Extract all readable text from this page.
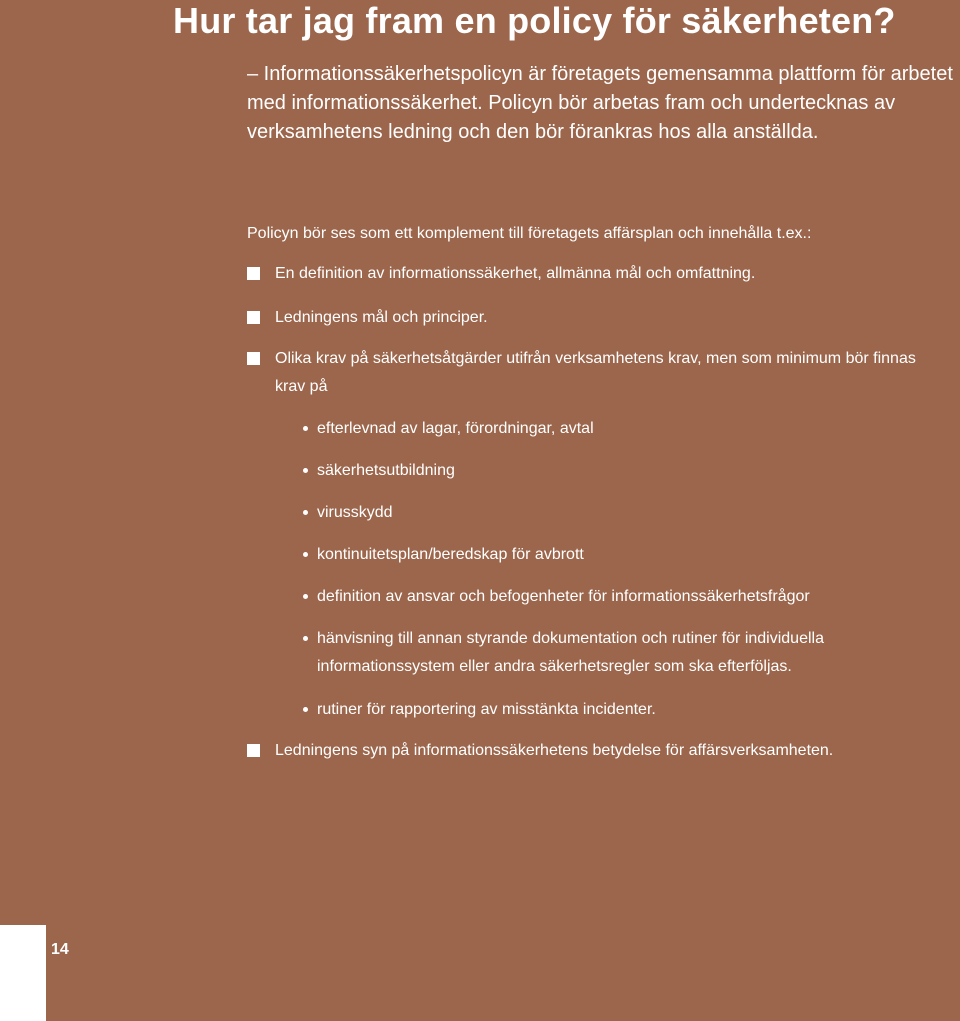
Hur tar jag fram en policy för säkerheten?
– Informationssäkerhetspolicyn är företagets gemensamma plattform för arbetet med informationssäkerhet. Policyn bör arbetas fram och undertecknas av verksamhetens ledning och den bör förankras hos alla anställda.
Policyn bör ses som ett komplement till företagets affärsplan och innehålla t.ex.:
En definition av informationssäkerhet, allmänna mål och omfattning.
Ledningens mål och principer.
Olika krav på säkerhetsåtgärder utifrån verksamhetens krav, men som minimum bör finnas krav på
efterlevnad av lagar, förordningar, avtal
säkerhetsutbildning
virusskydd
kontinuitetsplan/beredskap för avbrott
definition av ansvar och befogenheter för informationssäkerhetsfrågor
hänvisning till annan styrande dokumentation och rutiner för individuella informationssystem eller andra säkerhetsregler som ska efterföljas.
rutiner för rapportering av misstänkta incidenter.
Ledningens syn på informationssäkerhetens betydelse för affärsverksamheten.
14
